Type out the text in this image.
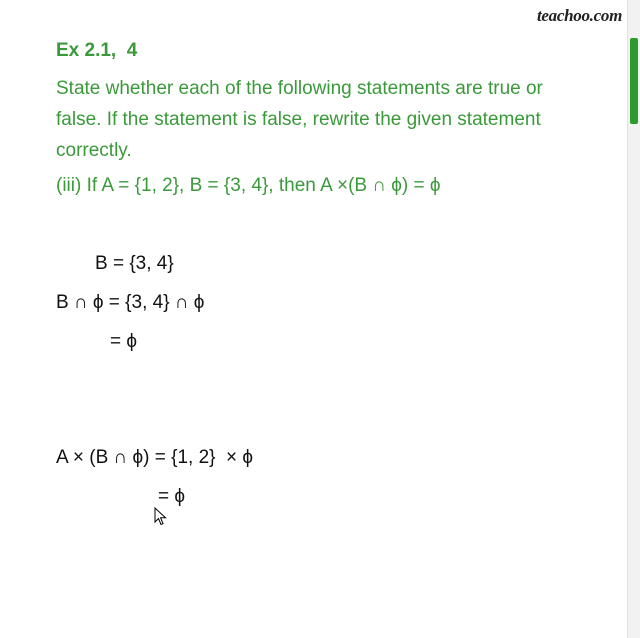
teachoo.com
Ex 2.1,  4
State whether each of the following statements are true or
false. If the statement is false, rewrite the given statement
correctly.
(iii) If A = {1, 2}, B = {3, 4}, then A ×(B ∩ ϕ) = ϕ
B = {3, 4}
B ∩ ϕ = {3, 4} ∩ ϕ
= ϕ
A × (B ∩ ϕ) = {1, 2}  × ϕ
= ϕ
